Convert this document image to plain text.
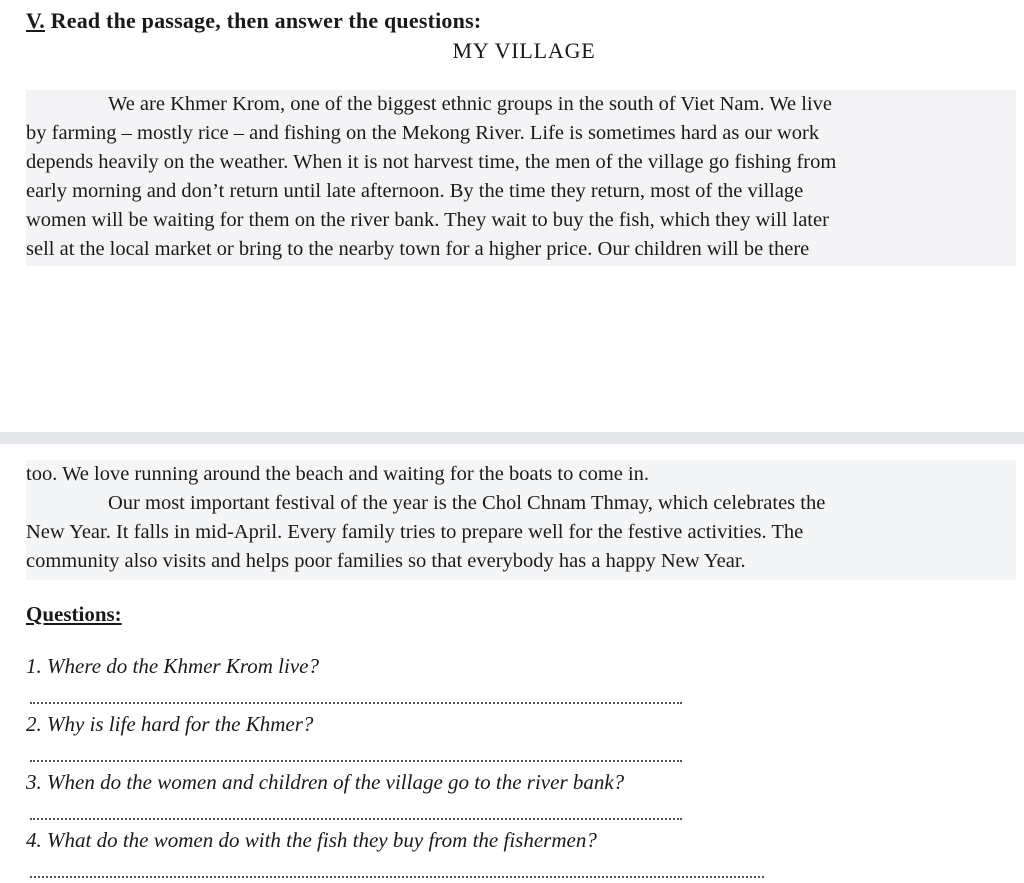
V. Read the passage, then answer the questions:
MY VILLAGE
We are Khmer Krom, one of the biggest ethnic groups in the south of Viet Nam. We live
by farming – mostly rice – and fishing on the Mekong River. Life is sometimes hard as our work
depends heavily on the weather. When it is not harvest time, the men of the village go fishing from
early morning and don’t return until late afternoon. By the time they return, most of the village
women will be waiting for them on the river bank. They wait to buy the fish, which they will later
sell at the local market or bring to the nearby town for a higher price. Our children will be there
too. We love running around the beach and waiting for the boats to come in.
Our most important festival of the year is the Chol Chnam Thmay, which celebrates the
New Year. It falls in mid-April. Every family tries to prepare well for the festive activities. The
community also visits and helps poor families so that everybody has a happy New Year.
Questions:
1. Where do the Khmer Krom live?
2. Why is life hard for the Khmer?
3. When do the women and children of the village go to the river bank?
4. What do the women do with the fish they buy from the fishermen?
